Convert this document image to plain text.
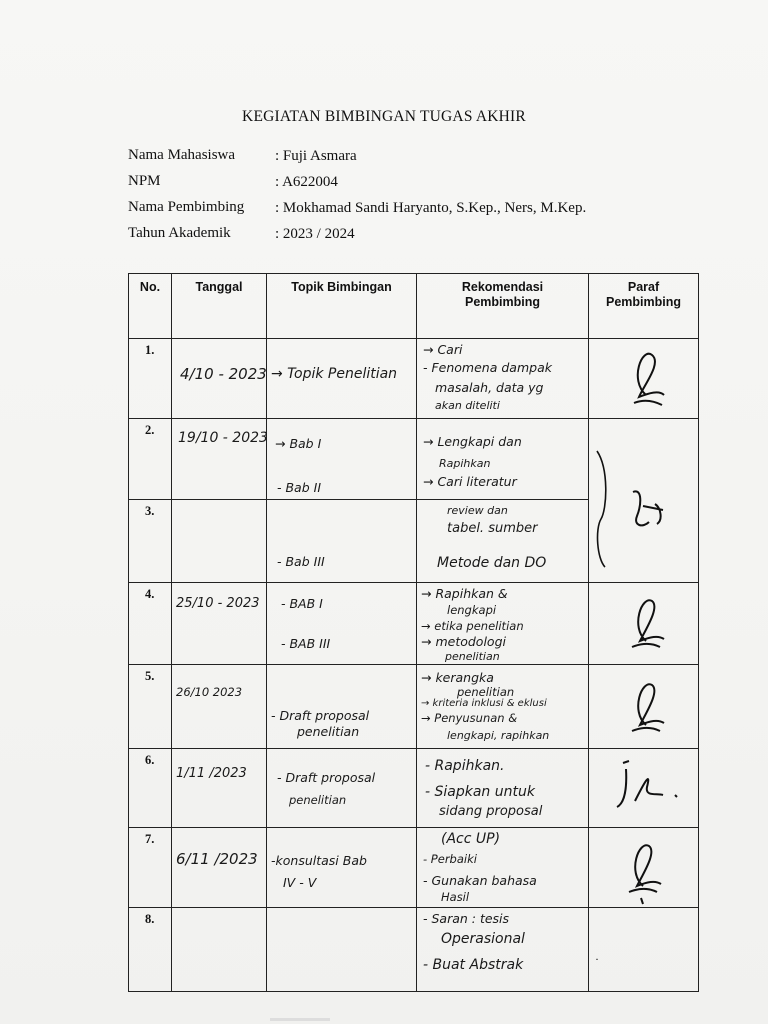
KEGIATAN BIMBINGAN TUGAS AKHIR
Nama Mahasiswa	: Fuji Asmara
NPM	: A622004
Nama Pembimbing : Mokhamad Sandi Haryanto, S.Kep., Ners, M.Kep.
Tahun Akademik	: 2023 / 2024
No.	Tanggal	Topik Bimbingan	Rekomendasi Pembimbing	Paraf Pembimbing
1.	4/10 - 2023	→ Topik Penelitian	→ Cari
- Fenomena dampak
masalah, data yg
akan diteliti

2.	19/10 - 2023	→ Bab I
- Bab II	→ Lengkapi dan
Rapihkan
→ Cari literatur

3.		- Bab III	review dan
tabel. sumber
Metode dan DO

4.	25/10 - 2023	- BAB I
- BAB III	→ Rapihkan &
lengkapi
→ etika penelitian
→ metodologi
penelitian

5.	26/10 2023	- Draft proposal
penelitian	→ kerangka
penelitian
→ kriteria inklusi & eklusi
→ Penyusunan &
lengkapi, rapihkan

6.	1/11 /2023	- Draft proposal
penelitian	- Rapihkan.
- Siapkan untuk
sidang proposal

7.	6/11 /2023	-konsultasi Bab
IV - V	(Acc UP)
- Perbaiki
- Gunakan bahasa
Hasil

8.			- Saran : tesis
Operasional
- Buat Abstrak	·
